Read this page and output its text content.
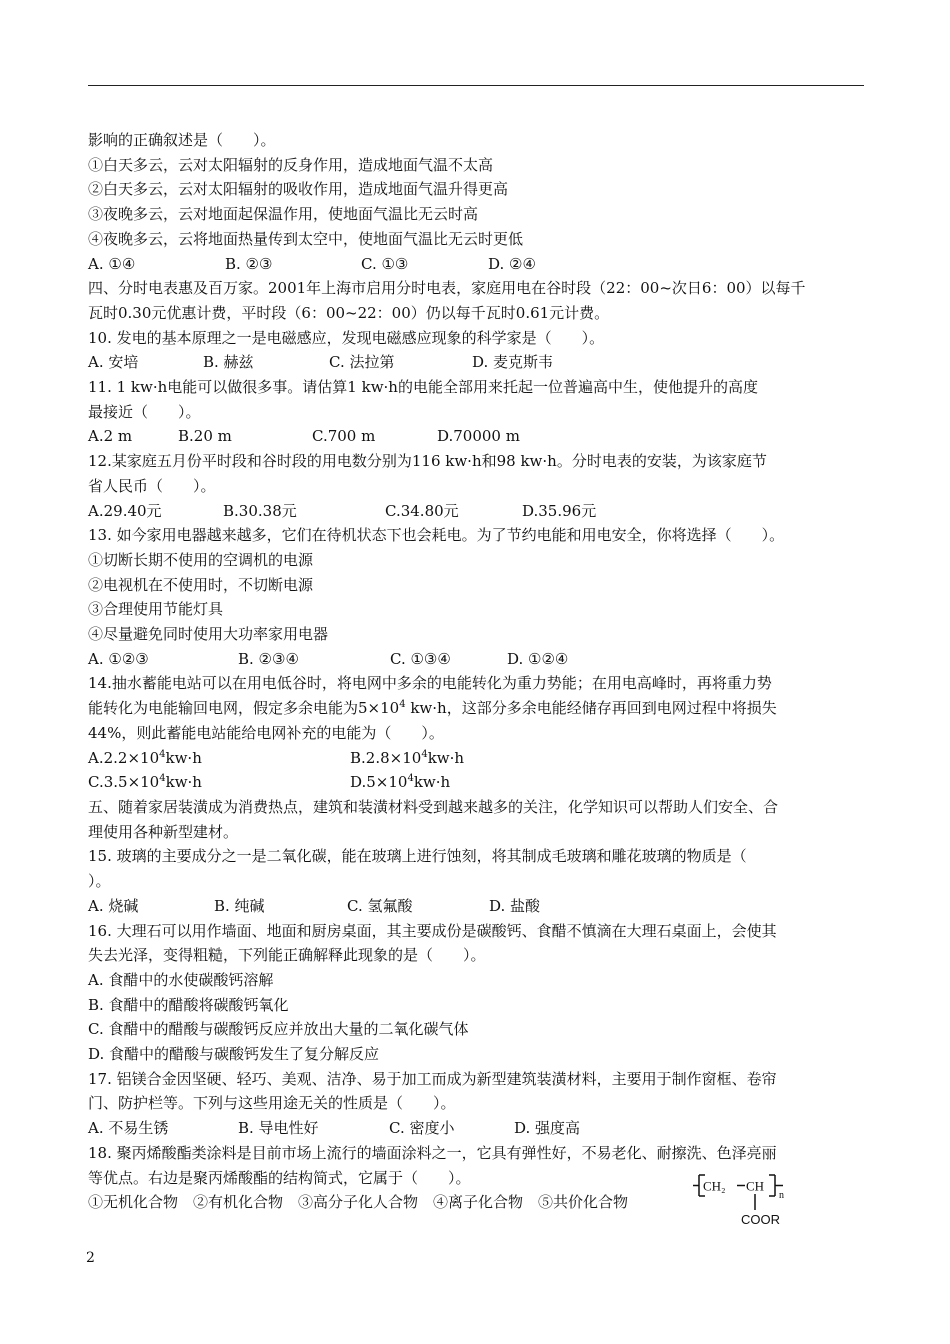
影响的正确叙述是（　　）。
①白天多云，云对太阳辐射的反身作用，造成地面气温不太高
②白天多云，云对太阳辐射的吸收作用，造成地面气温升得更高
③夜晚多云，云对地面起保温作用，使地面气温比无云时高
④夜晚多云，云将地面热量传到太空中，使地面气温比无云时更低
A. ①④	B. ②③	C. ①③	D. ②④
四、分时电表惠及百万家。2001年上海市启用分时电表，家庭用电在谷时段（22：00~次日6：00）以每千
瓦时0.30元优惠计费，平时段（6：00~22：00）仍以每千瓦时0.61元计费。
10. 发电的基本原理之一是电磁感应，发现电磁感应现象的科学家是（　　）。
A. 安培	B. 赫兹	C. 法拉第	D. 麦克斯韦
11. 1 kw·h电能可以做很多事。请估算1 kw·h的电能全部用来托起一位普遍高中生，使他提升的高度
最接近（　　）。
A.2 m	B.20 m	C.700 m	D.70000 m
12.某家庭五月份平时段和谷时段的用电数分别为116 kw·h和98 kw·h。分时电表的安装，为该家庭节
省人民币（　　）。
A.29.40元	B.30.38元	C.34.80元	D.35.96元
13. 如今家用电器越来越多，它们在待机状态下也会耗电。为了节约电能和用电安全，你将选择（　　）。
①切断长期不使用的空调机的电源
②电视机在不使用时，不切断电源
③合理使用节能灯具
④尽量避免同时使用大功率家用电器
A. ①②③	B. ②③④	C. ①③④	D. ①②④
14.抽水蓄能电站可以在用电低谷时，将电网中多余的电能转化为重力势能；在用电高峰时，再将重力势
能转化为电能输回电网，假定多余电能为$5\times 10^4$ kw·h，这部分多余电能经储存再回到电网过程中将损失
44%，则此蓄能电站能给电网补充的电能为（　　）。
$A.2.2\times 10^4kw\cdot h$	$B.2.8\times 10^4kw\cdot h$
$C.3.5\times 10^4kw\cdot h$	$D.5\times 10^4kw\cdot h$
五、随着家居装潢成为消费热点，建筑和装潢材料受到越来越多的关注，化学知识可以帮助人们安全、合
理使用各种新型建材。
15. 玻璃的主要成分之一是二氧化碳，能在玻璃上进行蚀刻，将其制成毛玻璃和雕花玻璃的物质是（
）。
A. 烧碱	B. 纯碱	C. 氢氟酸	D. 盐酸
16. 大理石可以用作墙面、地面和厨房桌面，其主要成份是碳酸钙、食醋不慎滴在大理石桌面上，会使其
失去光泽，变得粗糙，下列能正确解释此现象的是（　　）。
A. 食醋中的水使碳酸钙溶解
B. 食醋中的醋酸将碳酸钙氧化
C. 食醋中的醋酸与碳酸钙反应并放出大量的二氧化碳气体
D. 食醋中的醋酸与碳酸钙发生了复分解反应
17. 铝镁合金因坚硬、轻巧、美观、洁净、易于加工而成为新型建筑装潢材料，主要用于制作窗框、卷帘
门、防护栏等。下列与这些用途无关的性质是（　　）。
A. 不易生锈	B. 导电性好	C. 密度小	D. 强度高
18. 聚丙烯酸酯类涂料是目前市场上流行的墙面涂料之一，它具有弹性好，不易老化、耐擦洗、色泽亮丽
等优点。右边是聚丙烯酸酯的结构简式，它属于（　　）。
①无机化合物　②有机化合物　③高分子化人合物　④离子化合物　⑤共价化合物
CH₂ CH
n
COOR
2
